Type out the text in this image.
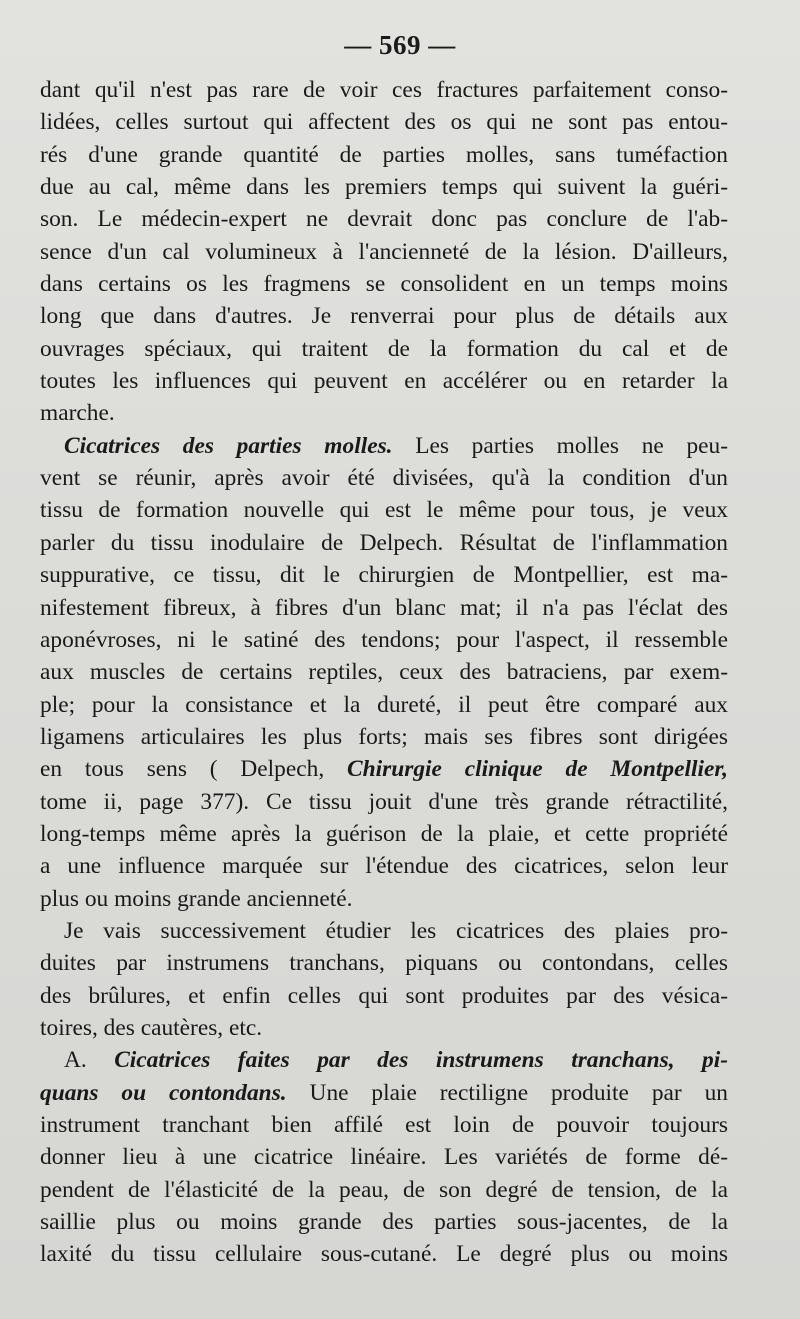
— 569 —
dant qu'il n'est pas rare de voir ces fractures parfaitement conso-
lidées, celles surtout qui affectent des os qui ne sont pas entou-
rés d'une grande quantité de parties molles, sans tuméfaction
due au cal, même dans les premiers temps qui suivent la guéri-
son. Le médecin-expert ne devrait donc pas conclure de l'ab-
sence d'un cal volumineux à l'ancienneté de la lésion. D'ailleurs,
dans certains os les fragmens se consolident en un temps moins
long que dans d'autres. Je renverrai pour plus de détails aux
ouvrages spéciaux, qui traitent de la formation du cal et de
toutes les influences qui peuvent en accélérer ou en retarder la
marche.
Cicatrices des parties molles. Les parties molles ne peu-
vent se réunir, après avoir été divisées, qu'à la condition d'un
tissu de formation nouvelle qui est le même pour tous, je veux
parler du tissu inodulaire de Delpech. Résultat de l'inflammation
suppurative, ce tissu, dit le chirurgien de Montpellier, est ma-
nifestement fibreux, à fibres d'un blanc mat; il n'a pas l'éclat des
aponévroses, ni le satiné des tendons; pour l'aspect, il ressemble
aux muscles de certains reptiles, ceux des batraciens, par exem-
ple; pour la consistance et la dureté, il peut être comparé aux
ligamens articulaires les plus forts; mais ses fibres sont dirigées
en tous sens ( Delpech, Chirurgie clinique de Montpellier,
tome ii, page 377). Ce tissu jouit d'une très grande rétractilité,
long-temps même après la guérison de la plaie, et cette propriété
a une influence marquée sur l'étendue des cicatrices, selon leur
plus ou moins grande ancienneté.
Je vais successivement étudier les cicatrices des plaies pro-
duites par instrumens tranchans, piquans ou contondans, celles
des brûlures, et enfin celles qui sont produites par des vésica-
toires, des cautères, etc.
A. Cicatrices faites par des instrumens tranchans, pi-
quans ou contondans. Une plaie rectiligne produite par un
instrument tranchant bien affilé est loin de pouvoir toujours
donner lieu à une cicatrice linéaire. Les variétés de forme dé-
pendent de l'élasticité de la peau, de son degré de tension, de la
saillie plus ou moins grande des parties sous-jacentes, de la
laxité du tissu cellulaire sous-cutané. Le degré plus ou moins
